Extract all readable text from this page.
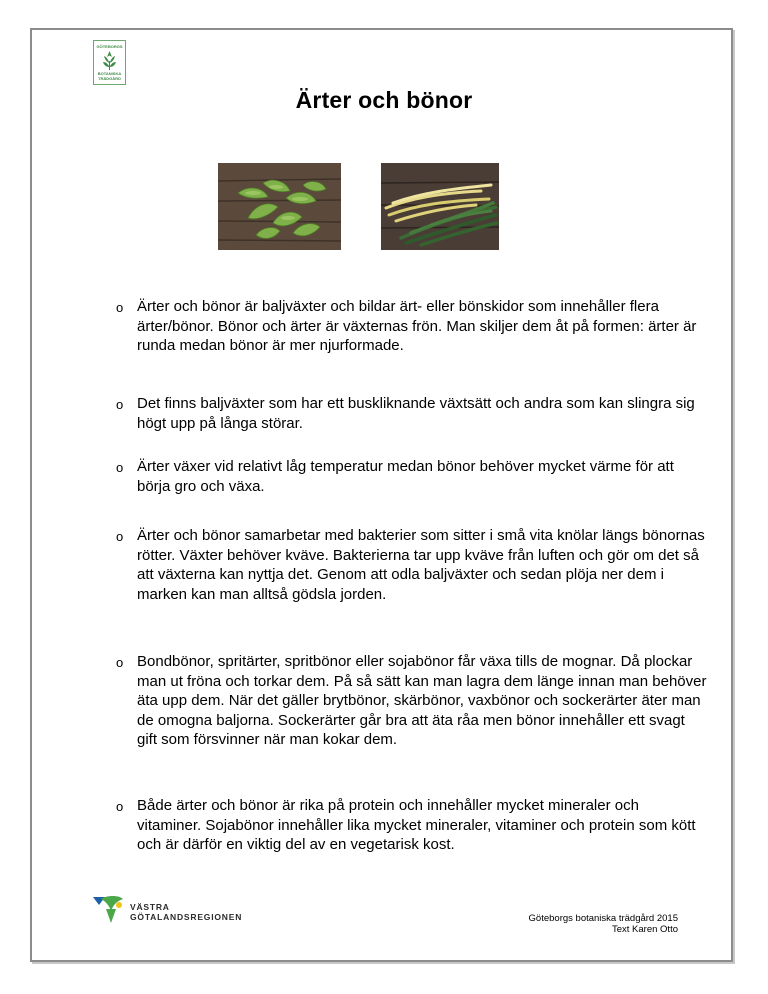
GÖTEBORGS
BOTANISKA
TRÄDGÅRD
Ärter och bönor
o Ärter och bönor är baljväxter och bildar ärt- eller bönskidor som innehåller flera ärter/bönor. Bönor och ärter är växternas frön. Man skiljer dem åt på formen: ärter är runda medan bönor är mer njurformade.
o Det finns baljväxter som har ett buskliknande växtsätt och andra som kan slingra sig högt upp på långa störar.
o Ärter växer vid relativt låg temperatur medan bönor behöver mycket värme för att börja gro och växa.
o Ärter och bönor samarbetar med bakterier som sitter i små vita knölar längs bönornas rötter. Växter behöver kväve. Bakterierna tar upp kväve från luften och gör om det så att växterna kan nyttja det. Genom att odla baljväxter och sedan plöja ner dem i marken kan man alltså gödsla jorden.
o Bondbönor, spritärter, spritbönor eller sojabönor får växa tills de mognar. Då plockar man ut fröna och torkar dem. På så sätt kan man lagra dem länge innan man behöver äta upp dem. När det gäller brytbönor, skärbönor, vaxbönor och sockerärter äter man de omogna baljorna. Sockerärter går bra att äta råa men bönor innehåller ett svagt gift som försvinner när man kokar dem.
o Både ärter och bönor är rika på protein och innehåller mycket mineraler och vitaminer. Sojabönor innehåller lika mycket mineraler, vitaminer och protein som kött och är därför en viktig del av en vegetarisk kost.
VÄSTRA
GÖTALANDSREGIONEN	Göteborgs botaniska trädgård 2015
Text Karen Otto
